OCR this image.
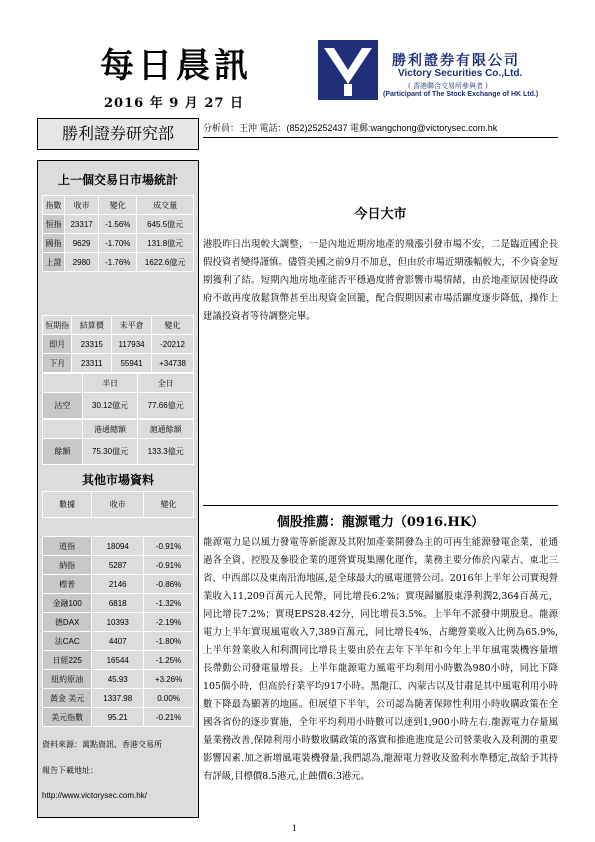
每日晨訊
2016 年 9 月 27 日
勝利證券有限公司
Victory Securities Co.,Ltd.
( 香港聯合交易所參與者 )
(Participant of The Stock Exchange of HK Ltd.)
勝利證券研究部	分析員：王沖 電話：(852)25252437 電郵:wangchong@victorysec.com.hk
上一個交易日市場統計
指數	收市	變化	成交量
恒指	23317	-1.56%	645.5億元
國指	9629	-1.70%	131.8億元
上證	2980	-1.76%	1622.6億元
恒期指	結算價	未平倉	變化
即月	23315	117934	-20212
下月	23311	55941	+34738
	半日	全日
沽空	30.12億元	77.66億元
	港通總額	滬通餘額
餘額	75.30億元	133.3億元
其他市場資料
數據	收市	變化

道指	18094	-0.91%
納指	5287	-0.91%
標普	2146	-0.86%
金融100	6818	-1.32%
德DAX	10393	-2.19%
法CAC	4407	-1.80%
日經225	16544	-1.25%
紐約原油	45.93	+3.26%
黃金 美元	1337.98	0.00%
美元指數	95.21	-0.21%
資料來源：萬點資訊、香港交易所
報告下載地址：
http://www.victorysec.com.hk/
今日大市
港股昨日出現較大調整，一是內地近期房地產的飛漲引發市場不安，二是臨近國企長假投資者變得謹慎。儘管美國之前9月不加息，但由於市場近期漲幅較大，不少資金短期獲利了結。短期內地房地產能否平穩過度將會影響市場情緒，由於地產原因使得政府不敢再度放鬆貨幣甚至出現資金回籠，配合假期因素市場活躍度逐步降低，操作上建議投資者等待調整完畢。
個股推薦：龍源電力（0916.HK）
龍源電力是以風力發電等新能源及其附加產業開發為主的可再生能源發電企業，並通過各全資、控股及參股企業的運營實現集團化運作，業務主要分佈於內蒙古、東北三省、中西部以及東南沿海地區,是全球最大的風電運營公司。2016年上半年公司實現營業收入11,209百萬元人民幣，同比增長6.2%；實現歸屬股東淨利潤2,364百萬元，同比增長7.2%；實現EPS28.42分，同比增長3.5%。上半年不派發中期股息。龍源電力上半年實現風電收入7,389百萬元，同比增長4%，占總營業收入比例為65.9%,上半年營業收入和利潤同比增長主要由於在去年下半年和今年上半年風電裝機容量增長帶動公司發電量增長。上半年龍源電力風電平均利用小時數為980小時，同比下降105個小時，但高於行業平均917小時。黑龍江、內蒙古以及甘肅是其中風電利用小時數下降最為顯著的地區。但展望下半年，公司認為隨著保障性利用小時收購政策在全國各省份的逐步實施，全年平均利用小時數可以達到1,900小時左右.龍源電力存量風量業務改善,保障利用小時數收購政策的落實和推進進度是公司營業收入及利潤的重要影響因素.加之新增風電裝機發量,我們認為,龍源電力營收及盈利水準穩定,故給予其持有評級,目標價8.5港元,止蝕價6.3港元。
1
